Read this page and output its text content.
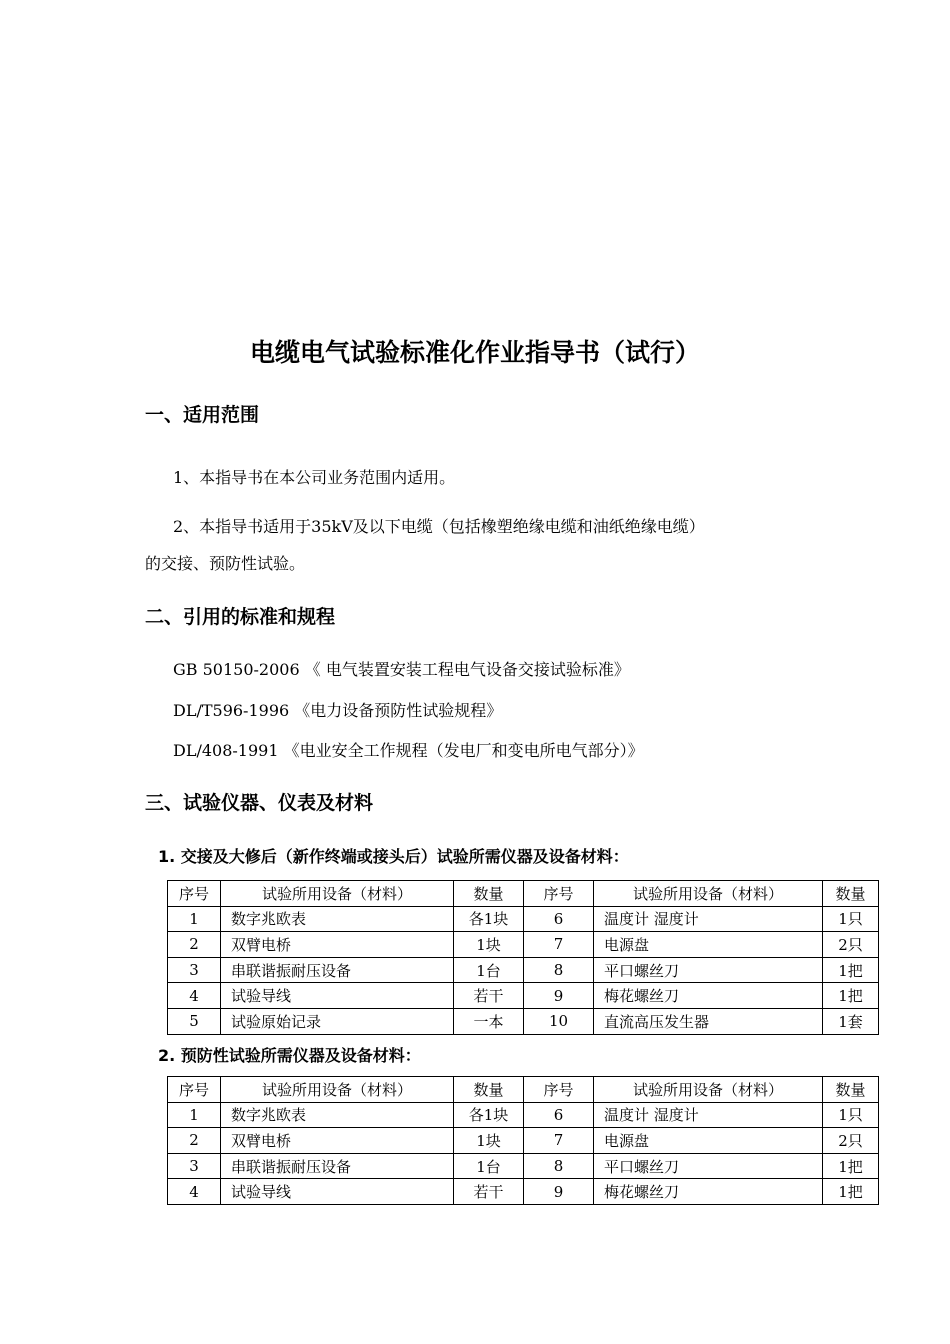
电缆电气试验标准化作业指导书（试行）
一、适用范围
1、本指导书在本公司业务范围内适用。
2、本指导书适用于35kV及以下电缆（包括橡塑绝缘电缆和油纸绝缘电缆）
的交接、预防性试验。
二、引用的标准和规程
GB 50150-2006 《 电气装置安装工程电气设备交接试验标准》
DL/T596-1996 《电力设备预防性试验规程》
DL/408-1991 《电业安全工作规程（发电厂和变电所电气部分）》
三、试验仪器、仪表及材料
1. 交接及大修后（新作终端或接头后）试验所需仪器及设备材料：
序号	试验所用设备（材料）	数量	序号	试验所用设备（材料）	数量
1	数字兆欧表	各1块	6	温度计 湿度计	1只
2	双臂电桥	1块	7	电源盘	2只
3	串联谐振耐压设备	1台	8	平口螺丝刀	1把
4	试验导线	若干	9	梅花螺丝刀	1把
5	试验原始记录	一本	10	直流高压发生器	1套
2. 预防性试验所需仪器及设备材料：
序号	试验所用设备（材料）	数量	序号	试验所用设备（材料）	数量
1	数字兆欧表	各1块	6	温度计 湿度计	1只
2	双臂电桥	1块	7	电源盘	2只
3	串联谐振耐压设备	1台	8	平口螺丝刀	1把
4	试验导线	若干	9	梅花螺丝刀	1把
